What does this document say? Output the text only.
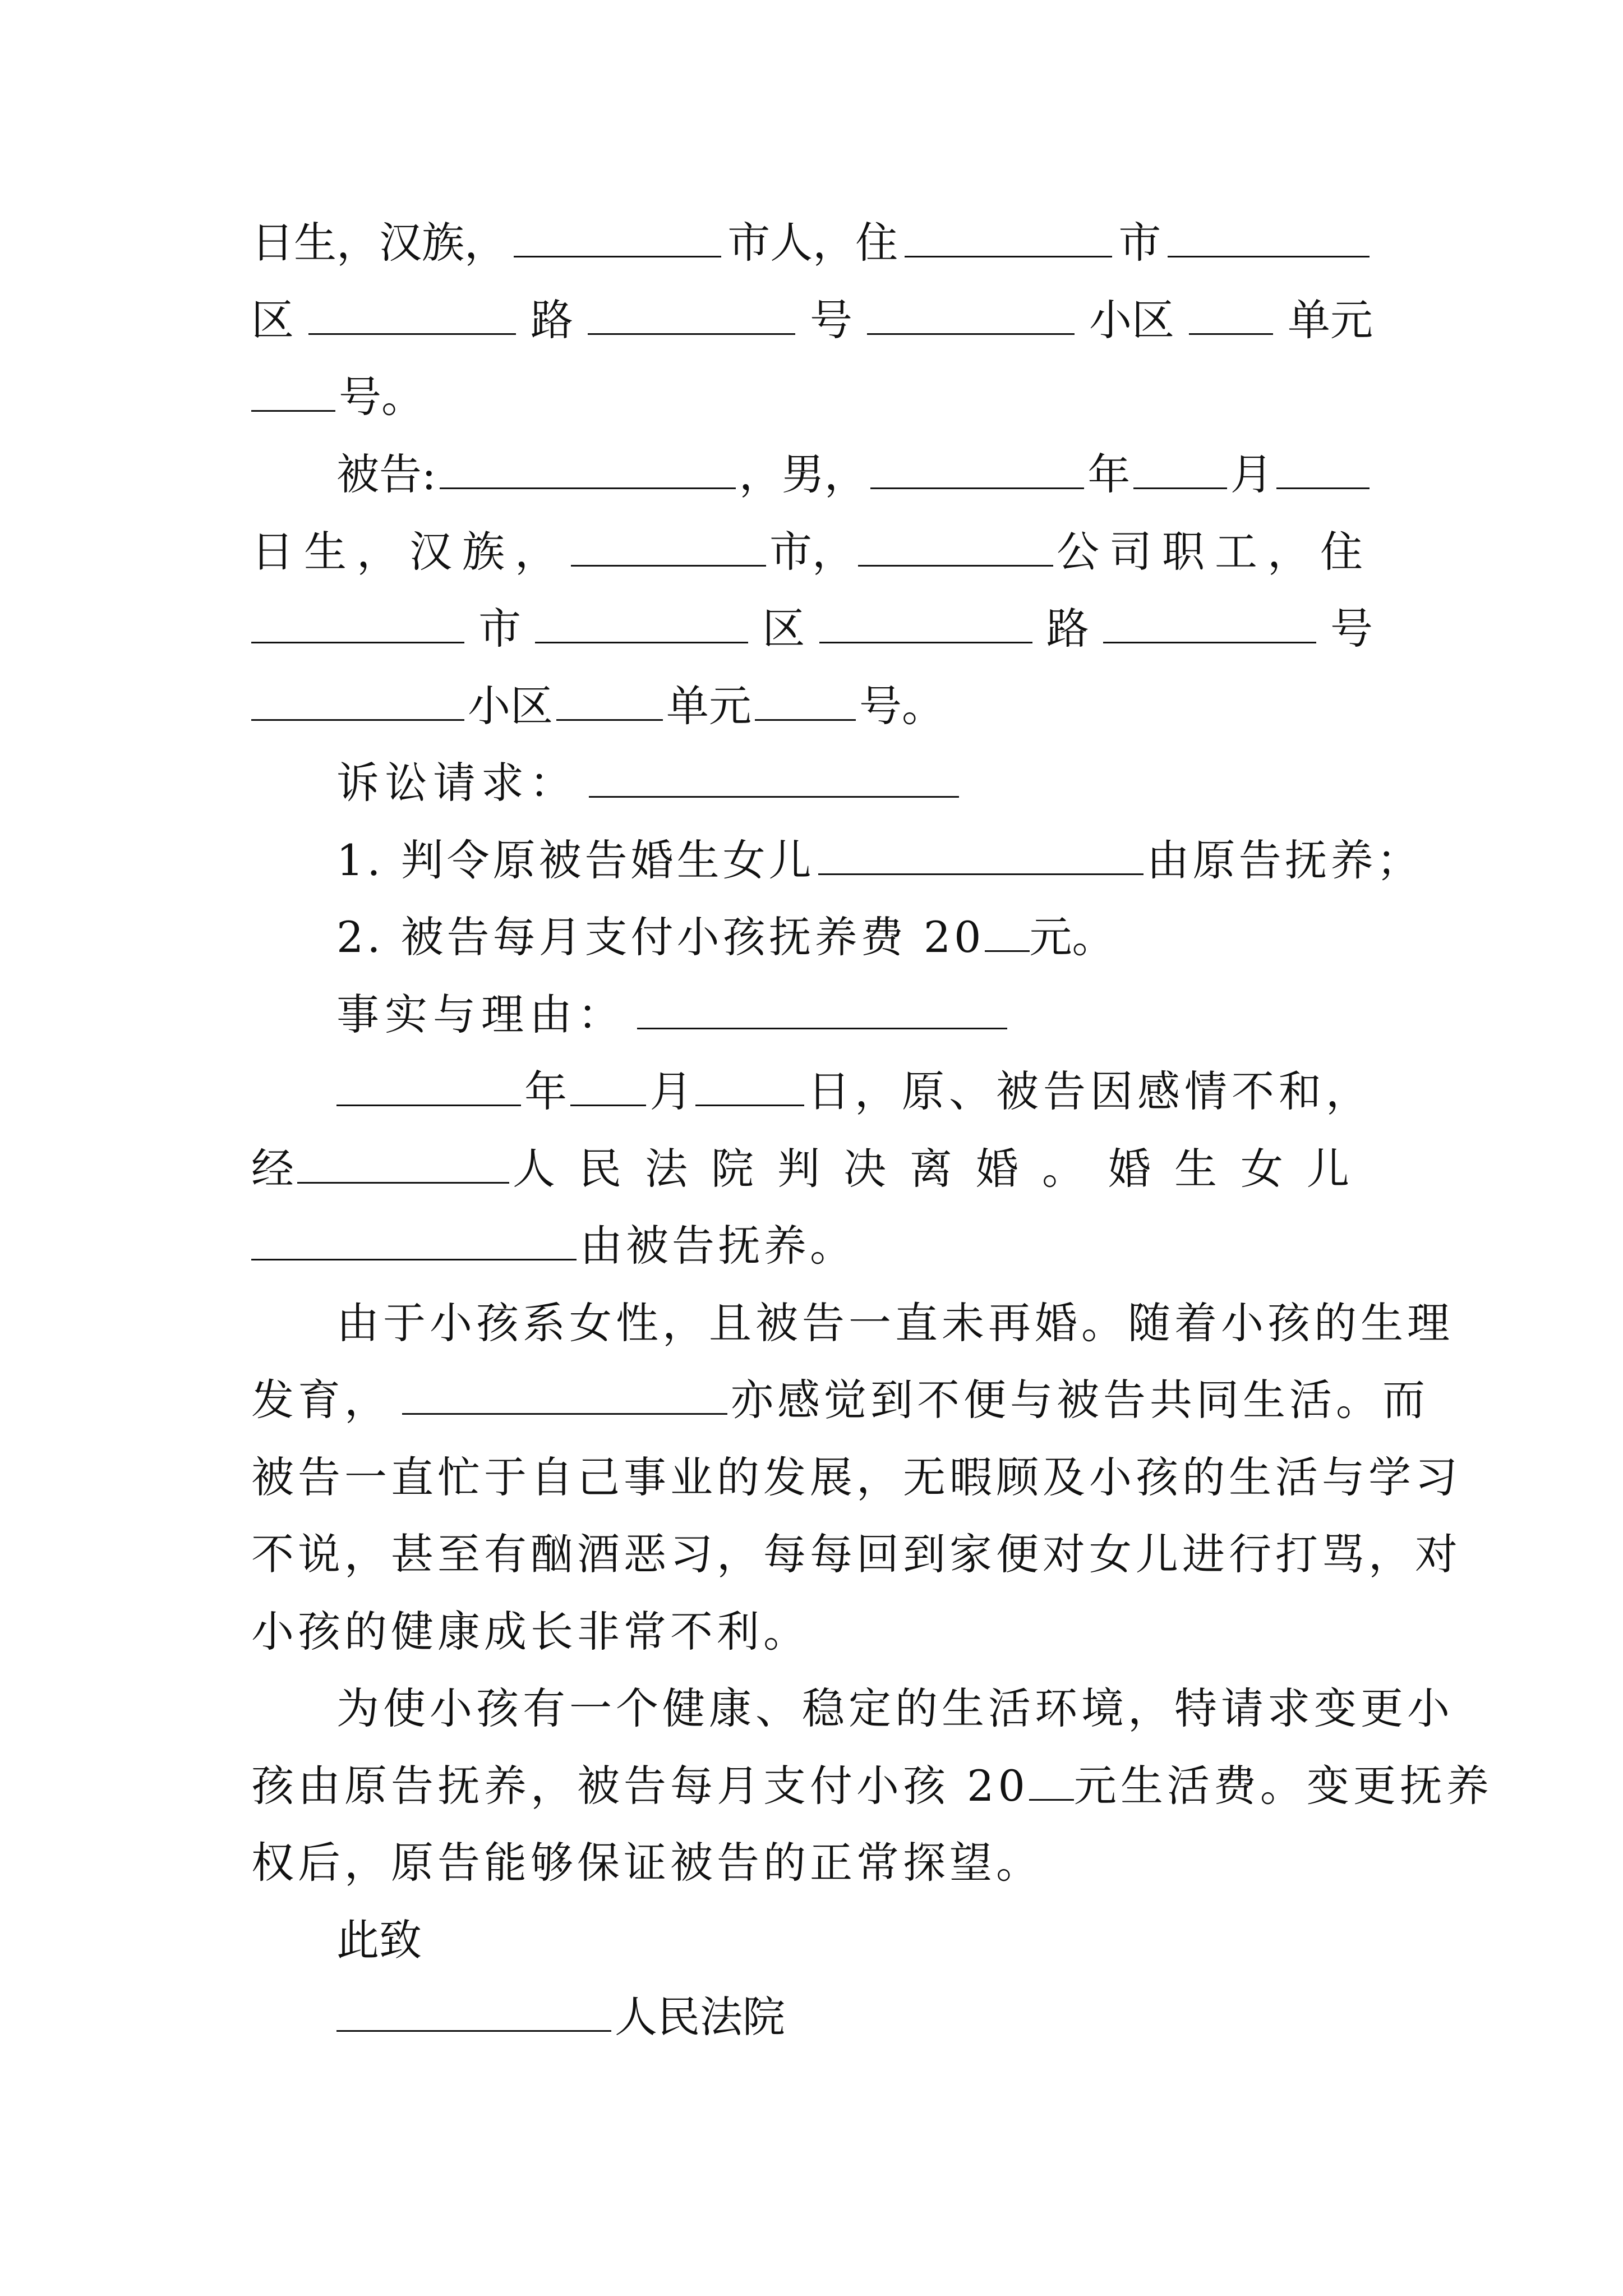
日生，汉族，	市人，住	市
区	路	号	小区	单元
号。
被告:	，男，	年 月
日生，汉族，	市，	公司职工，住
市	区	路	号
小区	单元	号。
诉讼请求：
1. 判令原被告婚生女儿	由原告抚养；
2. 被告每月支付小孩抚养费 20 元。
事实与理由：
年 月	日，原、被告因感情不和，
经	人民法院判决离婚。婚生女儿
由被告抚养。
由于小孩系女性，且被告一直未再婚。随着小孩的生理
发育，	亦感觉到不便与被告共同生活。而
被告一直忙于自己事业的发展，无暇顾及小孩的生活与学习
不说，甚至有酗酒恶习，每每回到家便对女儿进行打骂，对
小孩的健康成长非常不利。
为使小孩有一个健康、稳定的生活环境，特请求变更小
孩由原告抚养，被告每月支付小孩 20 元生活费。变更抚养
权后，原告能够保证被告的正常探望。
此致
人民法院
